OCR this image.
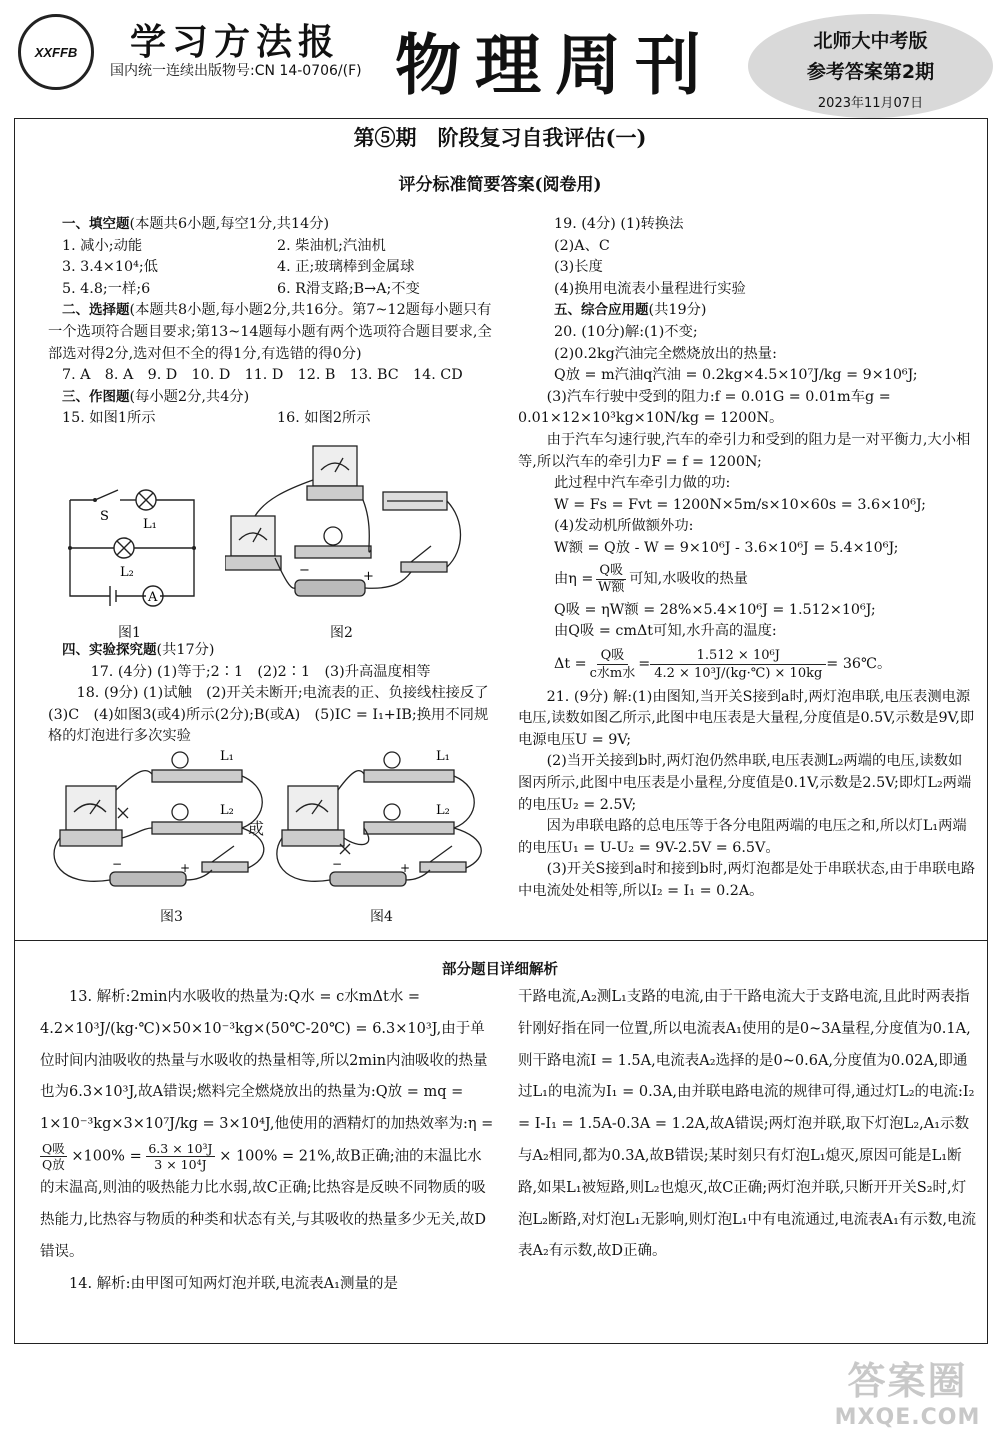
XXFFB 学习方法报
国内统一连续出版物号:CN 14-0706/(F) 物理周刊	北师大中考版
参考答案第2期
2023年11月07日
第⑤期　阶段复习自我评估(一)
评分标准简要答案(阅卷用)

一、填空题(本题共6小题,每空1分,共14分)

1. 减小;动能	2. 柴油机;汽油机
3. 3.4×10⁴;低	4. 正;玻璃棒到金属球
5. 4.8;一样;6	6. R滑支路;B→A;不变

二、选择题(本题共8小题,每小题2分,共16分。第7~12题每小题只有一个选项符合题目要求;第13~14题每小题有两个选项符合题目要求,全部选对得2分,选对但不全的得1分,有选错的得0分)

7. A　8. A　9. D　10. D　11. D　12. B　13. BC　14. CD

三、作图题(每小题2分,共4分)

15. 如图1所示	16. 如图2所示
S
L₁
L₂
A
图1
−	+
图2

四、实验探究题(共17分)

17. (4分) (1)等于;2∶1　(2)2∶1　(3)升高温度相等

18. (9分) (1)试触　(2)开关未断开;电流表的正、负接线柱接反了　(3)C　(4)如图3(或4)所示(2分);B(或A)　(5)IC = I₁+IB;换用不同规格的灯泡进行多次实验

L₁
L₂
−	+
图3
或
L₁
L₂
−	+
图4

19. (4分) (1)转换法

(2)A、C

(3)长度

(4)换用电流表小量程进行实验

五、综合应用题(共19分)

20. (10分)解:(1)不变;

(2)0.2kg汽油完全燃烧放出的热量:

Q放 = m汽油q汽油 = 0.2kg×4.5×10⁷J/kg = 9×10⁶J;

(3)汽车行驶中受到的阻力:f = 0.01G = 0.01m车g = 0.01×12×10³kg×10N/kg = 1200N。

由于汽车匀速行驶,汽车的牵引力和受到的阻力是一对平衡力,大小相等,所以汽车的牵引力F = f = 1200N;

此过程中汽车牵引力做的功:

W = Fs = Fvt = 1200N×5m/s×10×60s = 3.6×10⁶J;

(4)发动机所做额外功:

W额 = Q放 - W = 9×10⁶J - 3.6×10⁶J = 5.4×10⁶J;

由η =
Q吸
W额
可知,水吸收的热量

Q吸 = ηW额 = 28%×5.4×10⁶J = 1.512×10⁶J;

由Q吸 = cmΔt可知,水升高的温度:

Δt =
Q吸
c水m水
= $\frac{\text{1.512 × 10⁶J}}{\text{4.2 × 10³J/(kg·℃) × 10kg}}$ = 36℃。

21. (9分) 解:(1)由图知,当开关S接到a时,两灯泡串联,电压表测电源电压,读数如图乙所示,此图中电压表是大量程,分度值是0.5V,示数是9V,即电源电压U = 9V;

(2)当开关接到b时,两灯泡仍然串联,电压表测L₂两端的电压,读数如图丙所示,此图中电压表是小量程,分度值是0.1V,示数是2.5V;即灯L₂两端的电压U₂ = 2.5V;

因为串联电路的总电压等于各分电阻两端的电压之和,所以灯L₁两端的电压U₁ = U-U₂ = 9V-2.5V = 6.5V。

(3)开关S接到a时和接到b时,两灯泡都是处于串联状态,由于串联电路中电流处处相等,所以I₂ = I₁ = 0.2A。

部分题目详细解析

13. 解析:2min内水吸收的热量为:Q水 = c水mΔt水 = 4.2×10³J/(kg·℃)×50×10⁻³kg×(50℃-20℃) = 6.3×10³J,由于单位时间内油吸收的热量与水吸收的热量相等,所以2min内油吸收的热量也为6.3×10³J,故A错误;燃料完全燃烧放出的热量为:Q放 = mq = 1×10⁻³kg×3×10⁷J/kg = 3×10⁴J,他使用的酒精灯的加热效率为:η =
Q吸
Q放 $\times 100\% = \frac{\text{6.3 × 10³J}}{\text{3 × 10⁴J}} \times 100\% = 21\%$,故B正确;油的末温比水的末温高,则油的吸热能力比水弱,故C正确;比热容是反映不同物质的吸热能力,比热容与物质的种类和状态有关,与其吸收的热量多少无关,故D错误。

14. 解析:由甲图可知两灯泡并联,电流表A₁测量的是

干路电流,A₂测L₁支路的电流,由于干路电流大于支路电流,且此时两表指针刚好指在同一位置,所以电流表A₁使用的是0~3A量程,分度值为0.1A,则干路电流I = 1.5A,电流表A₂选择的是0~0.6A,分度值为0.02A,即通过L₁的电流为I₁ = 0.3A,由并联电路电流的规律可得,通过灯L₂的电流:I₂ = I-I₁ = 1.5A-0.3A = 1.2A,故A错误;两灯泡并联,取下灯泡L₂,A₁示数与A₂相同,都为0.3A,故B错误;某时刻只有灯泡L₁熄灭,原因可能是L₁断路,如果L₁被短路,则L₂也熄灭,故C正确;两灯泡并联,只断开开关S₂时,灯泡L₂断路,对灯泡L₁无影响,则灯泡L₁中有电流通过,电流表A₁有示数,电流表A₂有示数,故D正确。

答案圈
MXQE.COM
